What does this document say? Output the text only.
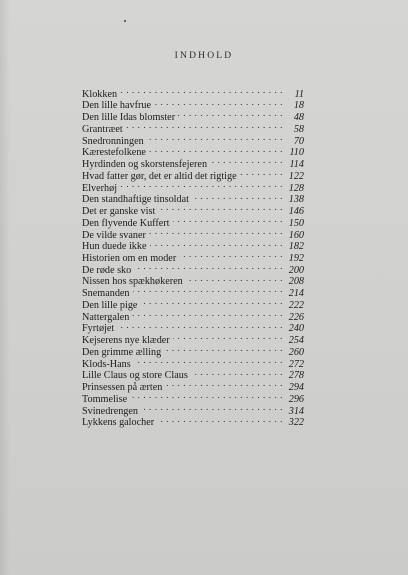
INDHOLD
Klokken . . .	11
Den lille havfrue . . .	18
Den lille Idas blomster . . .	48
Grantræet . . .	58
Snedronningen . . .	70
Kærestefolkene . . .	110
Hyrdinden og skorstensfejeren . . .	114
Hvad fatter gør, det er altid det rigtige . . .	122
Elverhøj . . .	128
Den standhaftige tinsoldat . . .	138
Det er ganske vist . . .	146
Den flyvende Kuffert . . .	150
De vilde svaner . . .	160
Hun duede ikke . . .	182
Historien om en moder . . .	192
De røde sko . . .	200
Nissen hos spækhøkeren . . .	208
Snemanden . . .	214
Den lille pige . . .	222
Nattergalen . . .	226
Fyrtøjet . . .	240
Kejserens nye klæder . . .	254
Den grimme ælling . . .	260
Klods-Hans . . .	272
Lille Claus og store Claus . . .	278
Prinsessen på ærten . . .	294
Tommelise . . .	296
Svinedrengen . . .	314
Lykkens galocher . . .	322
